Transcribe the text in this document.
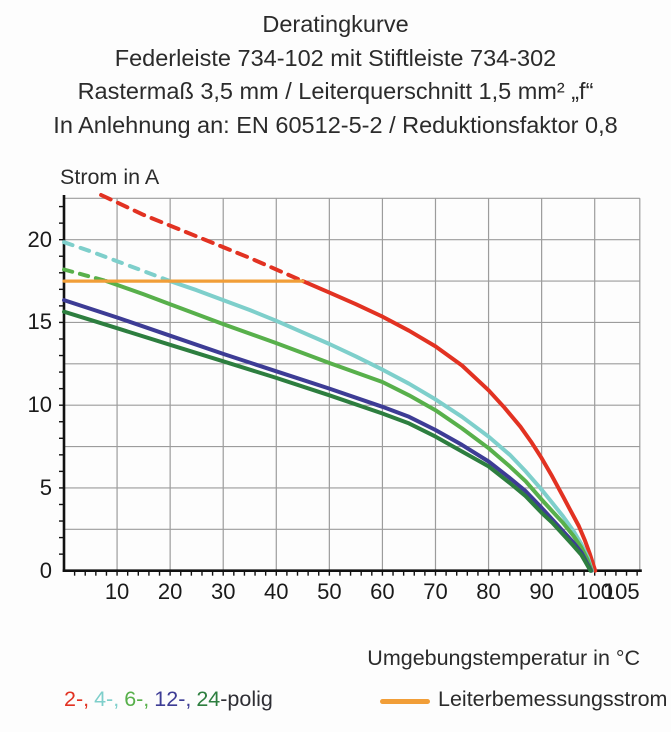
Deratingkurve
Federleiste 734-102 mit Stiftleiste 734-302
Rastermaß 3,5 mm / Leiterquerschnitt 1,5 mm² „f“
In Anlehnung an: EN 60512-5-2 / Reduktionsfaktor 0,8
Strom in A
10	20	30	40	50	60	70	80	90	100
105
0
5
10
15
20
Umgebungstemperatur in °C
2-, 4-, 6-, 12-, 24-polig	Leiterbemessungsstrom
